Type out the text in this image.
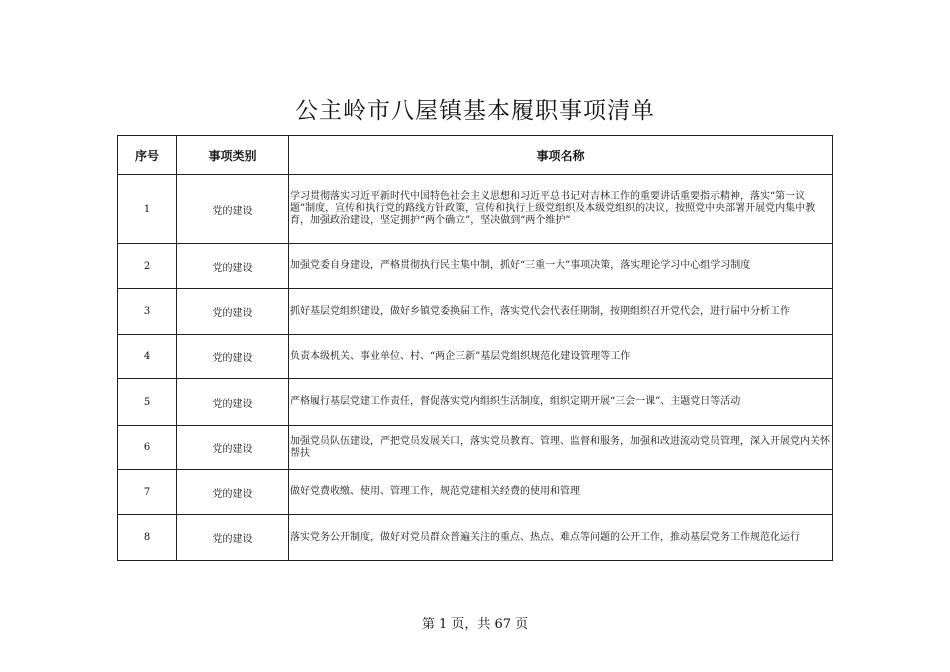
公主岭市八屋镇基本履职事项清单
序号	事项类别	事项名称
1	党的建设	学习贯彻落实习近平新时代中国特色社会主义思想和习近平总书记对吉林工作的重要讲话重要指示精神，落实“第一议题”制度，宣传和执行党的路线方针政策，宣传和执行上级党组织及本级党组织的决议，按照党中央部署开展党内集中教育，加强政治建设，坚定拥护“两个确立”，坚决做到“两个维护”
2	党的建设	加强党委自身建设，严格贯彻执行民主集中制，抓好“三重一大”事项决策，落实理论学习中心组学习制度
3	党的建设	抓好基层党组织建设，做好乡镇党委换届工作，落实党代会代表任期制，按期组织召开党代会，进行届中分析工作
4	党的建设	负责本级机关、事业单位、村、“两企三新”基层党组织规范化建设管理等工作
5	党的建设	严格履行基层党建工作责任，督促落实党内组织生活制度，组织定期开展“三会一课”、主题党日等活动
6	党的建设	加强党员队伍建设，严把党员发展关口，落实党员教育、管理、监督和服务，加强和改进流动党员管理，深入开展党内关怀帮扶
7	党的建设	做好党费收缴、使用、管理工作，规范党建相关经费的使用和管理
8	党的建设	落实党务公开制度，做好对党员群众普遍关注的重点、热点、难点等问题的公开工作，推动基层党务工作规范化运行
第 1 页，共 67 页
